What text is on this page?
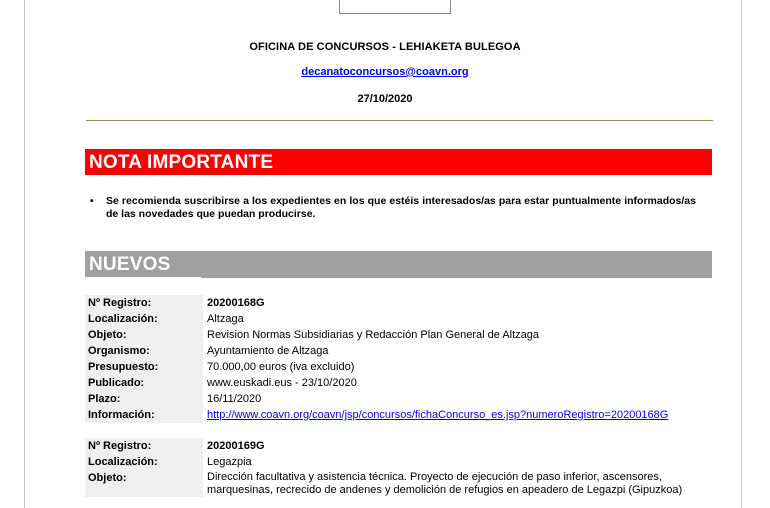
OFICINA DE CONCURSOS - LEHIAKETA BULEGOA
decanatoconcursos@coavn.org
27/10/2020
NOTA IMPORTANTE
• Se recomienda suscribirse a los expedientes en los que estéis interesados/as para estar puntualmente informados/as de las novedades que puedan producirse.
NUEVOS
Nº Registro:	20200168G
Localización:	Altzaga
Objeto:	Revision Normas Subsidiarias y Redacción Plan General de Altzaga
Organismo:	Ayuntamiento de Altzaga
Presupuesto:	70.000,00 euros (iva excluido)
Publicado:	www.euskadi.eus - 23/10/2020
Plazo:	16/11/2020
Información:	http://www.coavn.org/coavn/jsp/concursos/fichaConcurso_es.jsp?numeroRegistro=20200168G
Nº Registro:	20200169G
Localización:	Legazpia
Objeto:	Dirección facultativa y asistencia técnica. Proyecto de ejecución de paso inferior, ascensores, marquesinas, recrecido de andenes y demolición de refugios en apeadero de Legazpi (Gipuzkoa)
